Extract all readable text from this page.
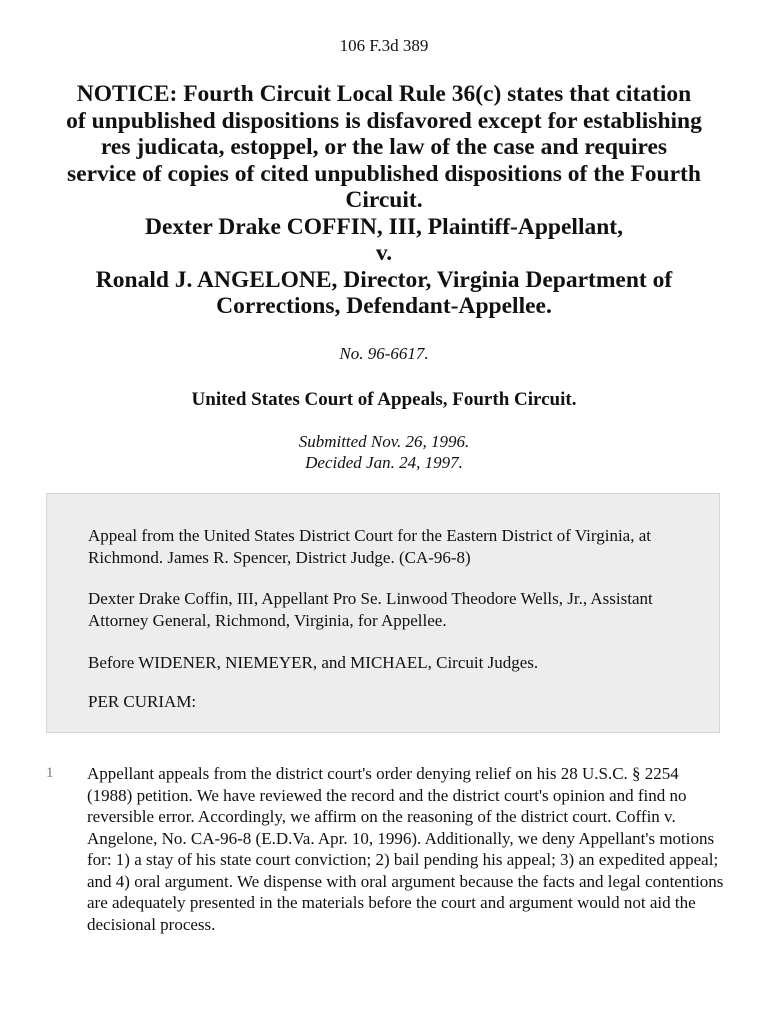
106 F.3d 389
NOTICE: Fourth Circuit Local Rule 36(c) states that citation
of unpublished dispositions is disfavored except for establishing
res judicata, estoppel, or the law of the case and requires
service of copies of cited unpublished dispositions of the Fourth
Circuit.
Dexter Drake COFFIN, III, Plaintiff-Appellant,
v.
Ronald J. ANGELONE, Director, Virginia Department of
Corrections, Defendant-Appellee.
No. 96-6617.
United States Court of Appeals, Fourth Circuit.
Submitted Nov. 26, 1996.
Decided Jan. 24, 1997.

Appeal from the United States District Court for the Eastern District of Virginia, at Richmond. James R. Spencer, District Judge. (CA-96-8)

Dexter Drake Coffin, III, Appellant Pro Se. Linwood Theodore Wells, Jr., Assistant Attorney General, Richmond, Virginia, for Appellee.

Before WIDENER, NIEMEYER, and MICHAEL, Circuit Judges.

PER CURIAM:

1 Appellant appeals from the district court's order denying relief on his 28 U.S.C. § 2254 (1988) petition. We have reviewed the record and the district court's opinion and find no reversible error. Accordingly, we affirm on the reasoning of the district court. Coffin v. Angelone, No. CA-96-8 (E.D.Va. Apr. 10, 1996). Additionally, we deny Appellant's motions for: 1) a stay of his state court conviction; 2) bail pending his appeal; 3) an expedited appeal; and 4) oral argument. We dispense with oral argument because the facts and legal contentions are adequately presented in the materials before the court and argument would not aid the decisional process.
